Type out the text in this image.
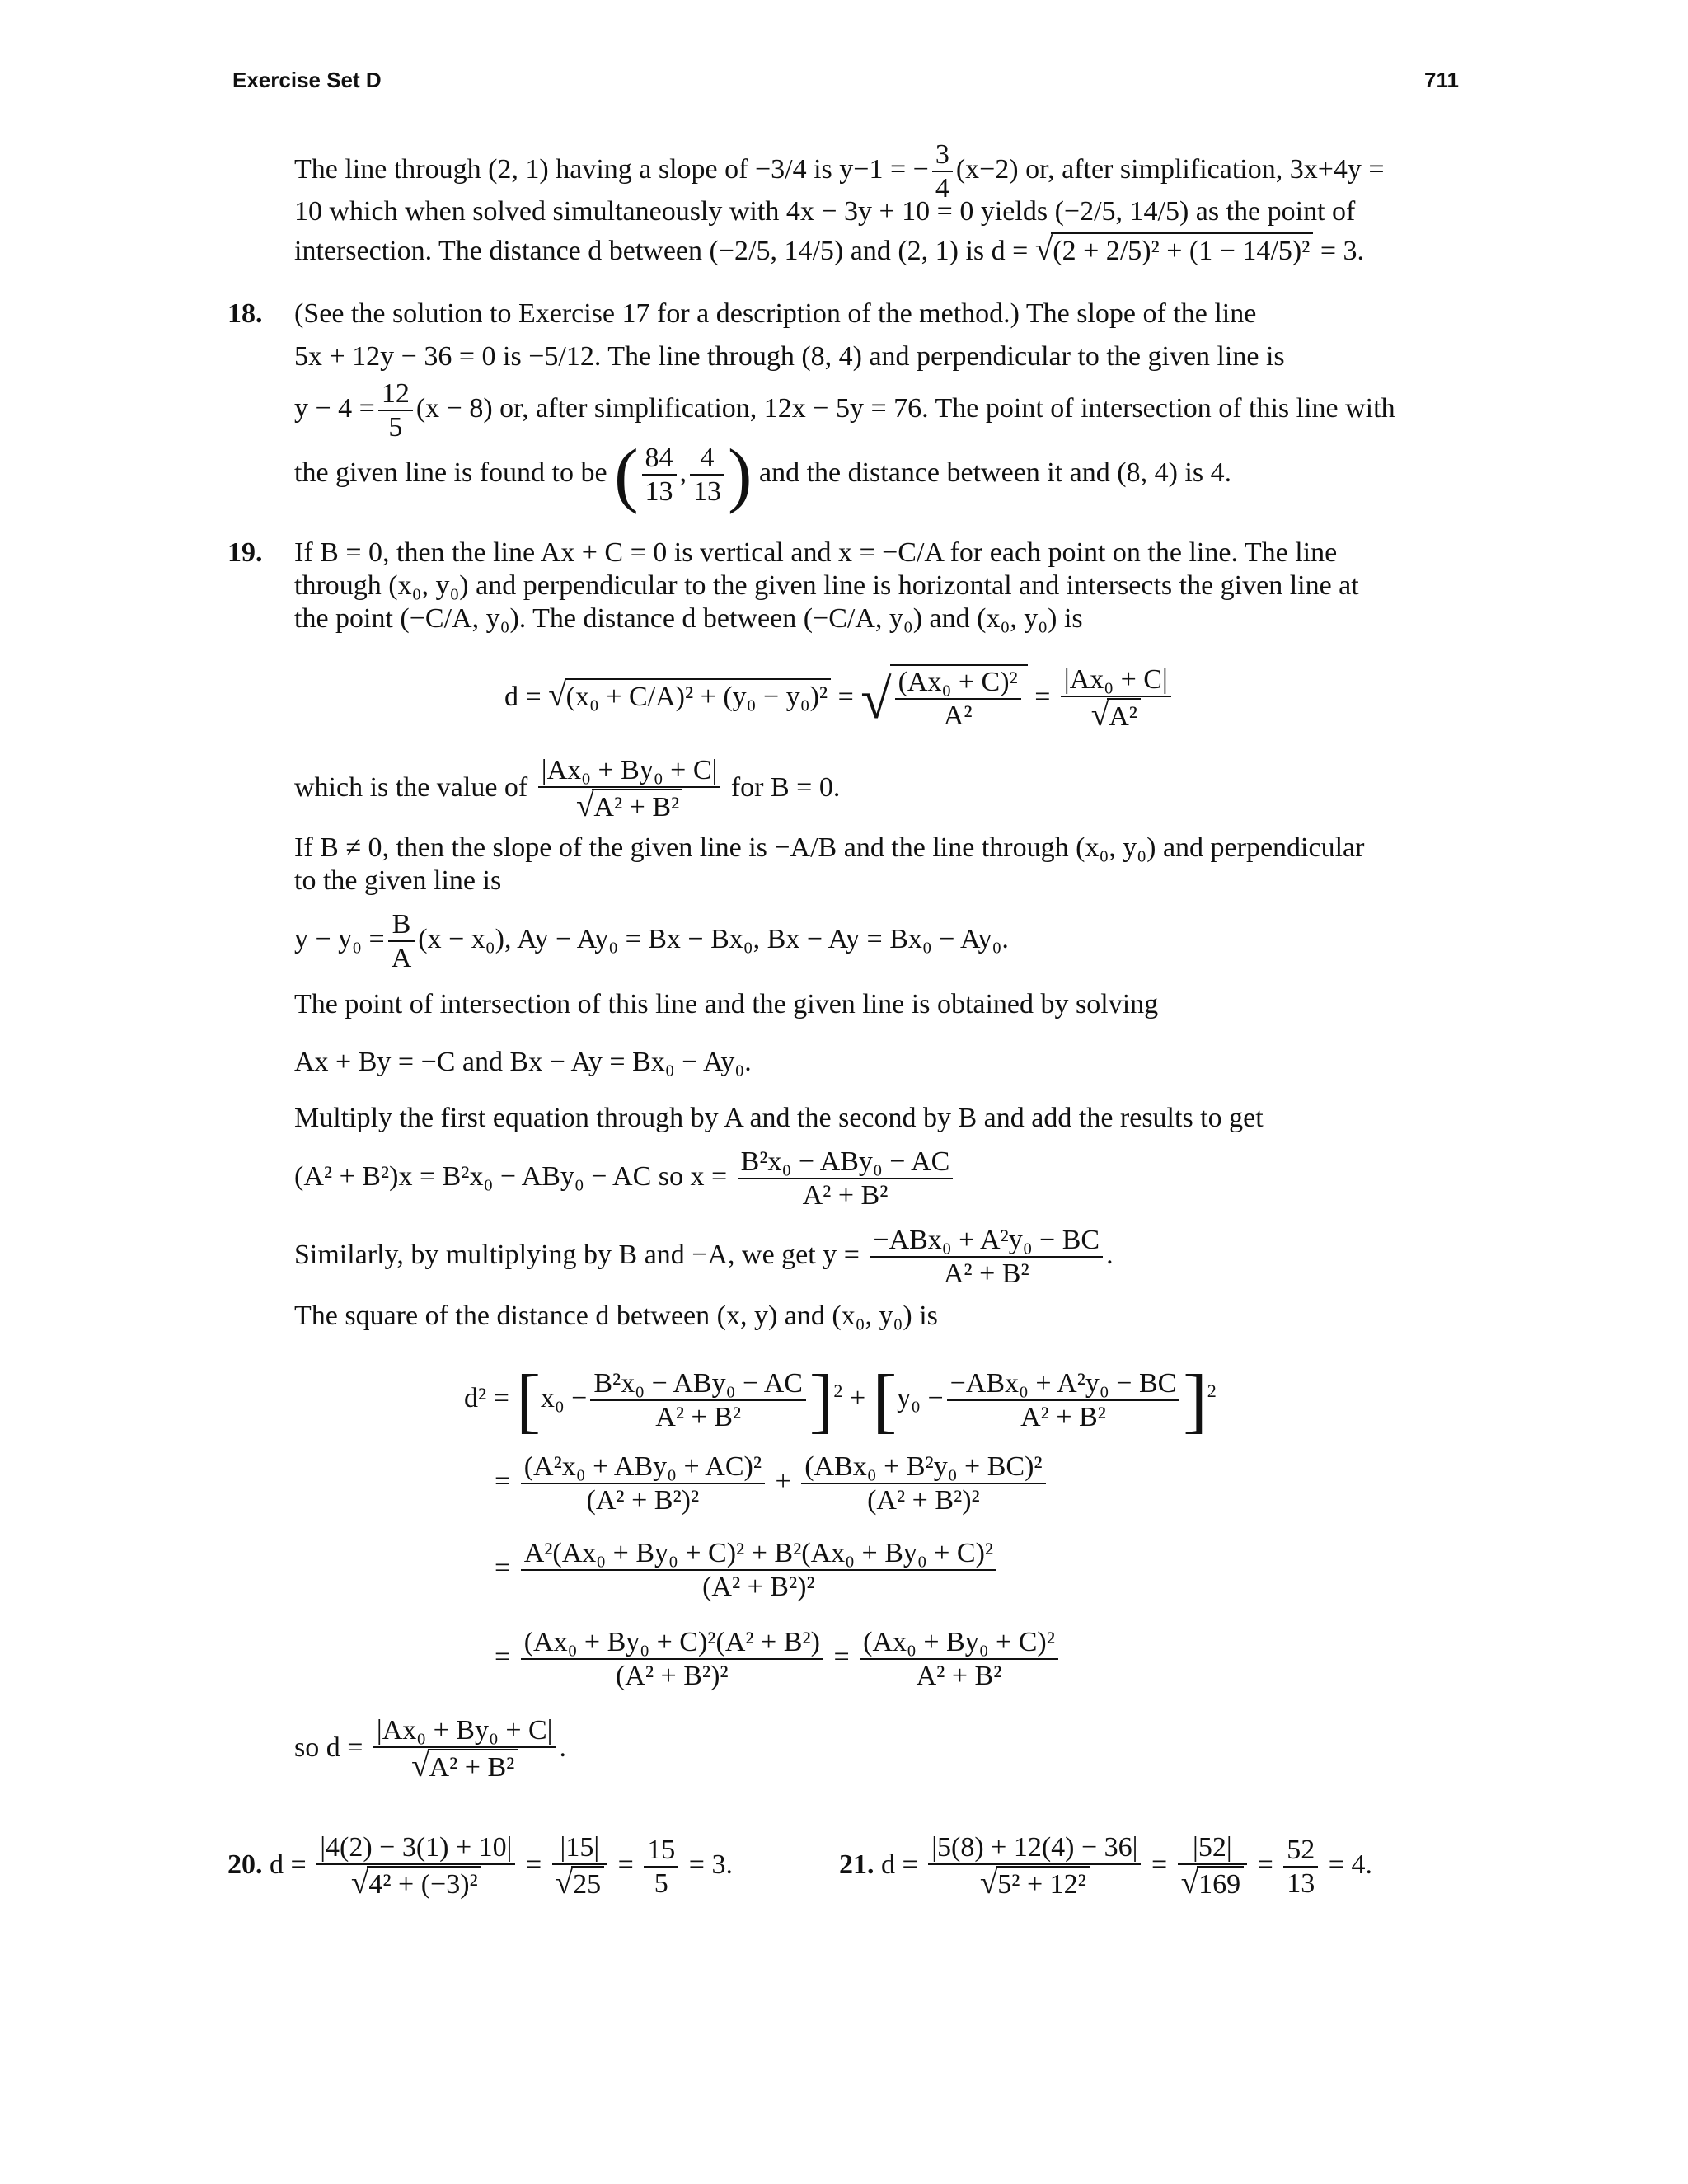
Exercise Set D	711
The line through (2, 1) having a slope of −3/4 is y−1 = − $\frac{3}{4} (x-2)$ or, after simplification, 3x+4y =
10 which when solved simultaneously with 4x − 3y + 10 = 0 yields (−2/5, 14/5) as the point of
intersection. The distance d between (−2/5, 14/5) and (2, 1) is d = √(2 + 2/5)² + (1 − 14/5)² = 3.
18. (See the solution to Exercise 17 for a description of the method.) The slope of the line
5x + 12y − 36 = 0 is −5/12. The line through (8, 4) and perpendicular to the given line is
$y - 4 = \frac{12}{5} (x - 8)$ or, after simplification, 12x − 5y = 76. The point of intersection of this line with
the given line is found to be ( $\frac{84}{13}$ , $\frac{4}{13}$ ) and the distance between it and (8, 4) is 4.
19. If B = 0, then the line Ax + C = 0 is vertical and x = −C/A for each point on the line. The line
through (x₀, y₀) and perpendicular to the given line is horizontal and intersects the given line at
the point (−C/A, y₀). The distance d between (−C/A, y₀) and (x₀, y₀) is
d = √(x₀ + C/A)² + (y₀ − y₀)² = √ $\frac{\text{(Ax₀ + C)²}}{\text{A²}} = \frac{\text{|Ax₀ + C|}}{\text{√A²}}$
which is the value of $\frac{\text{|Ax₀ + By₀ + C|}}{\text{√A² + B²}}$ for B = 0.
If B ≠ 0, then the slope of the given line is −A/B and the line through (x₀, y₀) and perpendicular
to the given line is
$y - y_0 = \frac{B}{A} (x - x_0)$, Ay − Ay₀ = Bx − Bx₀, Bx − Ay = Bx₀ − Ay₀.
The point of intersection of this line and the given line is obtained by solving
Ax + By = −C and Bx − Ay = Bx₀ − Ay₀.
Multiply the first equation through by A and the second by B and add the results to get
(A² + B²)x = B²x₀ − ABy₀ − AC so $x = \frac{\text{B²x₀ − ABy₀ − AC}}{\text{A² + B²}}$
Similarly, by multiplying by B and −A, we get $y = \frac{\text{−ABx₀ + A²y₀ − BC}}{\text{A² + B²}}$ .
The square of the distance d between (x, y) and (x₀, y₀) is
$d^2 = [x_0 - \frac{\text{B²x₀ − ABy₀ − AC}}{\text{A² + B²}} ]^2 + [y_0 - \frac{\text{−ABx₀ + A²y₀ − BC}}{\text{A² + B²}} ]^2$
= $\frac{\text{(A²x₀ + ABy₀ + AC)²}}{\text{(A² + B²)²}} + \frac{\text{(ABx₀ + B²y₀ + BC)²}}{\text{(A² + B²)²}}$
= $\frac{\text{A²(Ax₀ + By₀ + C)² + B²(Ax₀ + By₀ + C)²}}{\text{(A² + B²)²}}$
= $\frac{\text{(Ax₀ + By₀ + C)²(A² + B²)}}{\text{(A² + B²)²}} = \frac{\text{(Ax₀ + By₀ + C)²}}{\text{A² + B²}}$
so $d = \frac{\text{|Ax₀ + By₀ + C|}}{\text{√A² + B²}}$ .
20. $d = \frac{|4(2) - 3(1) + 10|}{\text{√4² + (−3)²}} = \frac{|15|}{√25} = \frac{15}{5} = 3$.	21. $d = \frac{|5(8) + 12(4) - 36|}{\text{√5² + 12²}} = \frac{|52|}{√169} = \frac{52}{13} = 4$.
